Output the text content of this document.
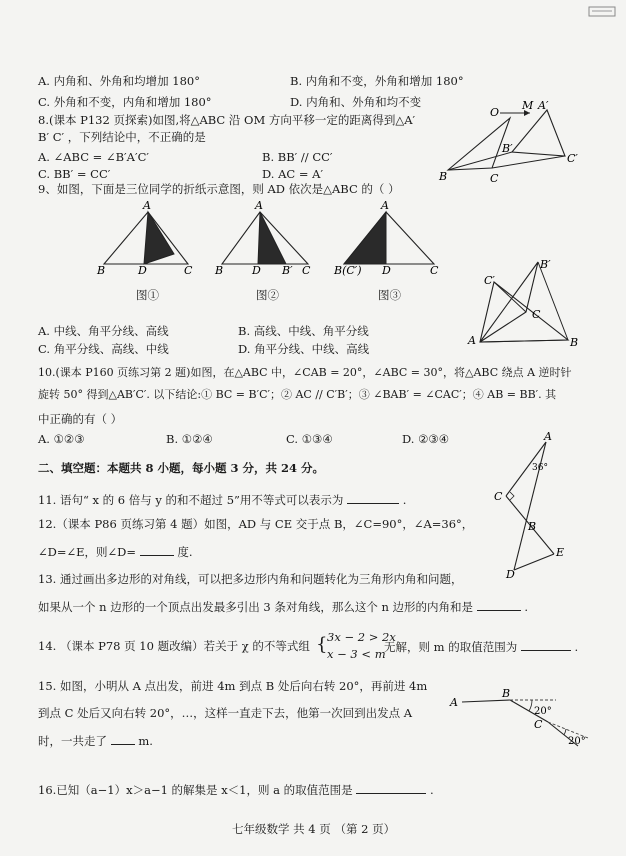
A. 内角和、外角和均增加 180°	B. 内角和不变，外角和增加 180°
C. 外角和不变，内角和增加 180°	D. 内角和、外角和均不变
8.(课本 P132 页探索)如图,将△ABC 沿 OM 方向平移一定的距离得到△A′
B′ C′ ，下列结论中，不正确的是
A. ∠ABC = ∠B′A′C′	B. BB′ // CC′
C. BB′ = CC′	D. AC = A′
O
M A′
B
B′
C
C′
9、如图，下面是三位同学的折纸示意图，则 AD 依次是△ABC 的（ ）
A
B	D	C
A
B	D B′ C
A
B(C′) D	C
图①	图②	图③
A. 中线、角平分线、高线	B. 高线、中线、角平分线
C. 角平分线、高线、中线	D. 角平分线、中线、高线
A	B
C
B′
C′
10.(课本 P160 页练习第 2 题)如图，在△ABC 中，∠CAB = 20°，∠ABC = 30°，将△ABC 绕点 A 逆时针
旋转 50° 得到△AB′C′. 以下结论:① BC = B′C′；② AC // C′B′；③ ∠BAB′ = ∠CAC′；④ AB = BB′. 其
中正确的有（ ）
A. ①②③	B. ①②④	C. ①③④	D. ②③④
二、填空题：本题共 8 小题，每小题 3 分，共 24 分。
11. 语句“ x 的 6 倍与 y 的和不超过 5”用不等式可以表示为	.
12.（课本 P86 页练习第 4 题）如图，AD 与 CE 交于点 B，∠C=90°，∠A=36°，
∠D=∠E，则∠D=	度.
A
36°
C
B
E
D
13. 通过画出多边形的对角线，可以把多边形内角和问题转化为三角形内角和问题，
如果从一个 n 边形的一个顶点出发最多引出 3 条对角线，那么这个 n 边形的内角和是	.
14. （课本 P78 页 10 题改编）若关于 χ 的不等式组 { 3x − 2 > 2x
x − 3 < m
无解，则 m 的取值范围为	.
15. 如图，小明从 A 点出发，前进 4m 到点 B 处后向右转 20°，再前进 4m
到点 C 处后又向右转 20°，…，这样一直走下去，他第一次回到出发点 A
时，一共走了	m.
A
B
C
20°
20°
16.已知（a−1）x＞a−1 的解集是 x＜1，则 a 的取值范围是	.
七年级数学 共 4 页 （第 2 页）
